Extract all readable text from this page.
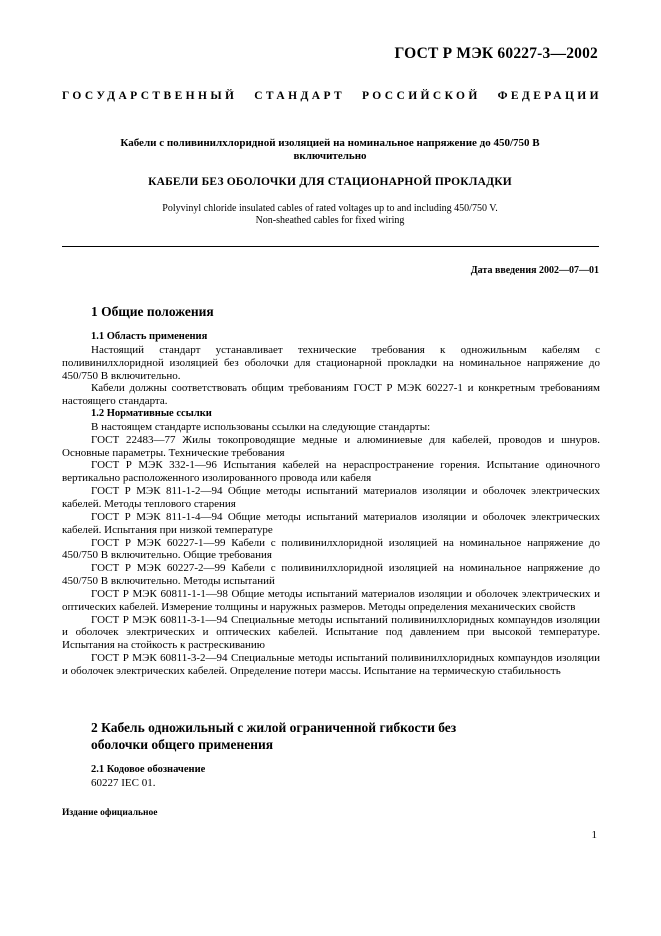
ГОСТ Р МЭК 60227-3—2002
ГОСУДАРСТВЕННЫЙ СТАНДАРТ РОССИЙСКОЙ ФЕДЕРАЦИИ
Кабели с поливинилхлоридной изоляцией на номинальное напряжение до 450/750 В
включительно
КАБЕЛИ БЕЗ ОБОЛОЧКИ ДЛЯ СТАЦИОНАРНОЙ ПРОКЛАДКИ
Polyvinyl chloride insulated cables of rated voltages up to and including 450/750 V.
Non-sheathed cables for fixed wiring
Дата введения 2002—07—01
1 Общие положения

1.1 Область применения

Настоящий стандарт устанавливает технические требования к одножильным кабелям с поливинилхлоридной изоляцией без оболочки для стационарной прокладки на номинальное напряжение до 450/750 В включительно.

Кабели должны соответствовать общим требованиям ГОСТ Р МЭК 60227-1 и конкретным требованиям настоящего стандарта.

1.2 Нормативные ссылки

В настоящем стандарте использованы ссылки на следующие стандарты:

ГОСТ 22483—77 Жилы токопроводящие медные и алюминиевые для кабелей, проводов и шнуров. Основные параметры. Технические требования

ГОСТ Р МЭК 332-1—96 Испытания кабелей на нераспространение горения. Испытание одиночного вертикально расположенного изолированного провода или кабеля

ГОСТ Р МЭК 811-1-2—94 Общие методы испытаний материалов изоляции и оболочек электрических кабелей. Методы теплового старения

ГОСТ Р МЭК 811-1-4—94 Общие методы испытаний материалов изоляции и оболочек электрических кабелей. Испытания при низкой температуре

ГОСТ Р МЭК 60227-1—99 Кабели с поливинилхлоридной изоляцией на номинальное напряжение до 450/750 В включительно. Общие требования

ГОСТ Р МЭК 60227-2—99 Кабели с поливинилхлоридной изоляцией на номинальное напряжение до 450/750 В включительно. Методы испытаний

ГОСТ Р МЭК 60811-1-1—98 Общие методы испытаний материалов изоляции и оболочек электрических и оптических кабелей. Измерение толщины и наружных размеров. Методы определения механических свойств

ГОСТ Р МЭК 60811-3-1—94 Специальные методы испытаний поливинилхлоридных компаундов изоляции и оболочек электрических и оптических кабелей. Испытание под давлением при высокой температуре. Испытания на стойкость к растрескиванию

ГОСТ Р МЭК 60811-3-2—94 Специальные методы испытаний поливинилхлоридных компаундов изоляции и оболочек электрических кабелей. Определение потери массы. Испытание на термическую стабильность

2 Кабель одножильный с жилой ограниченной гибкости без оболочки общего применения

2.1 Кодовое обозначение

60227 IEC 01.

Издание официальное
1
